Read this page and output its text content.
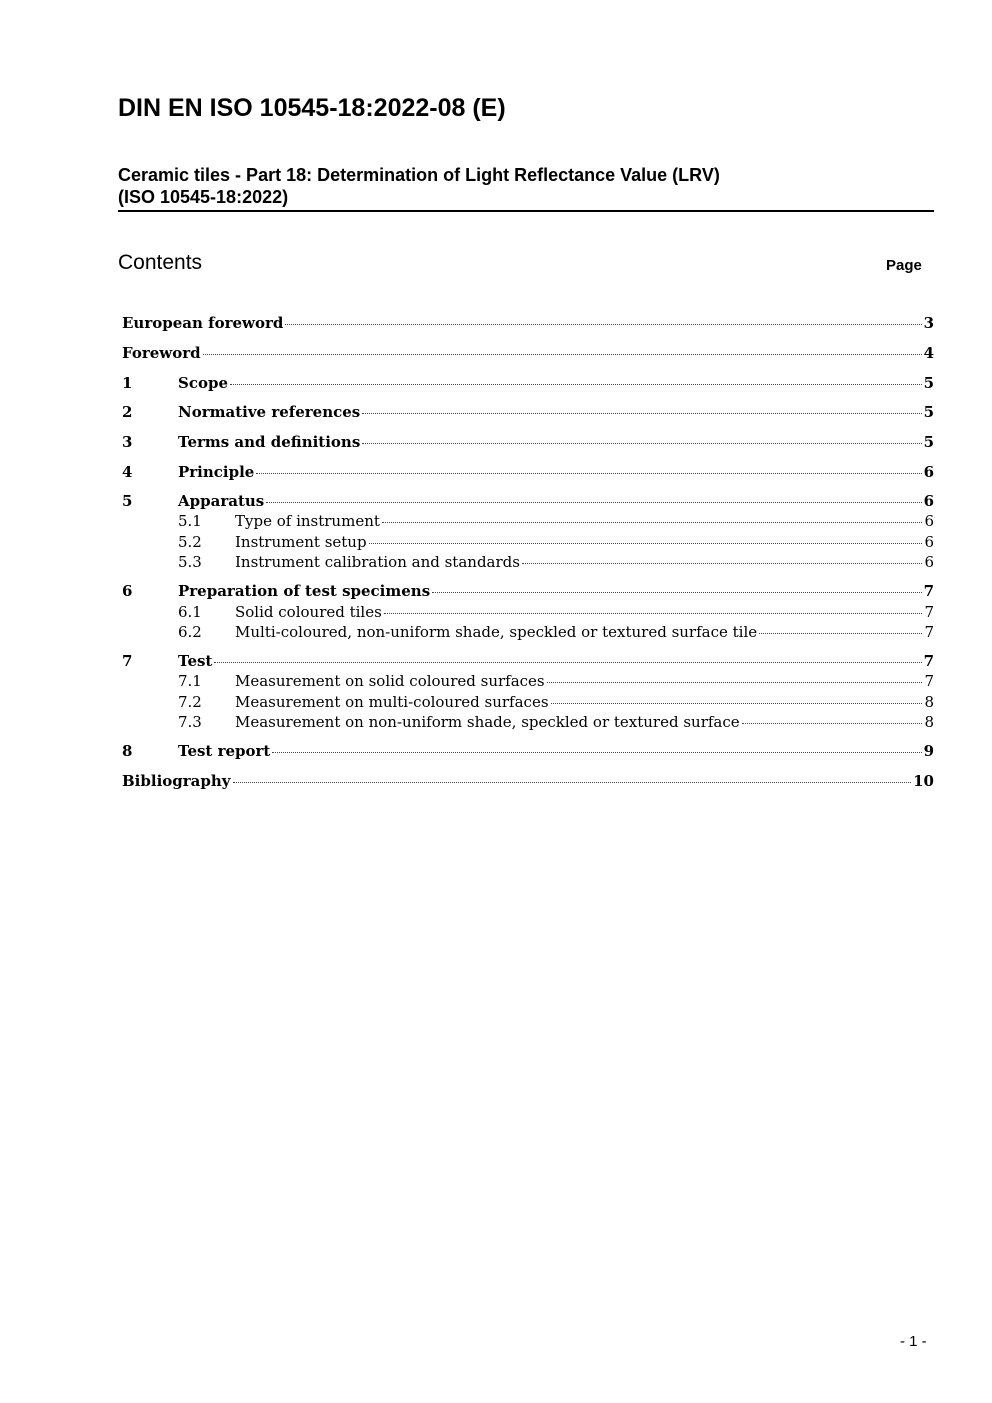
DIN EN ISO 10545-18:2022-08 (E)
Ceramic tiles - Part 18: Determination of Light Reflectance Value (LRV)
(ISO 10545-18:2022)
Contents	Page
European foreword	3
Foreword	4
1	Scope	5
2	Normative references	5
3	Terms and definitions	5
4	Principle	6
5	Apparatus	6
5.1	Type of instrument	6
5.2	Instrument setup	6
5.3	Instrument calibration and standards	6
6	Preparation of test specimens	7
6.1	Solid coloured tiles	7
6.2	Multi-coloured, non-uniform shade, speckled or textured surface tile	7
7	Test	7
7.1	Measurement on solid coloured surfaces	7
7.2	Measurement on multi-coloured surfaces	8
7.3	Measurement on non-uniform shade, speckled or textured surface	8
8	Test report	9
Bibliography	10
- 1 -
